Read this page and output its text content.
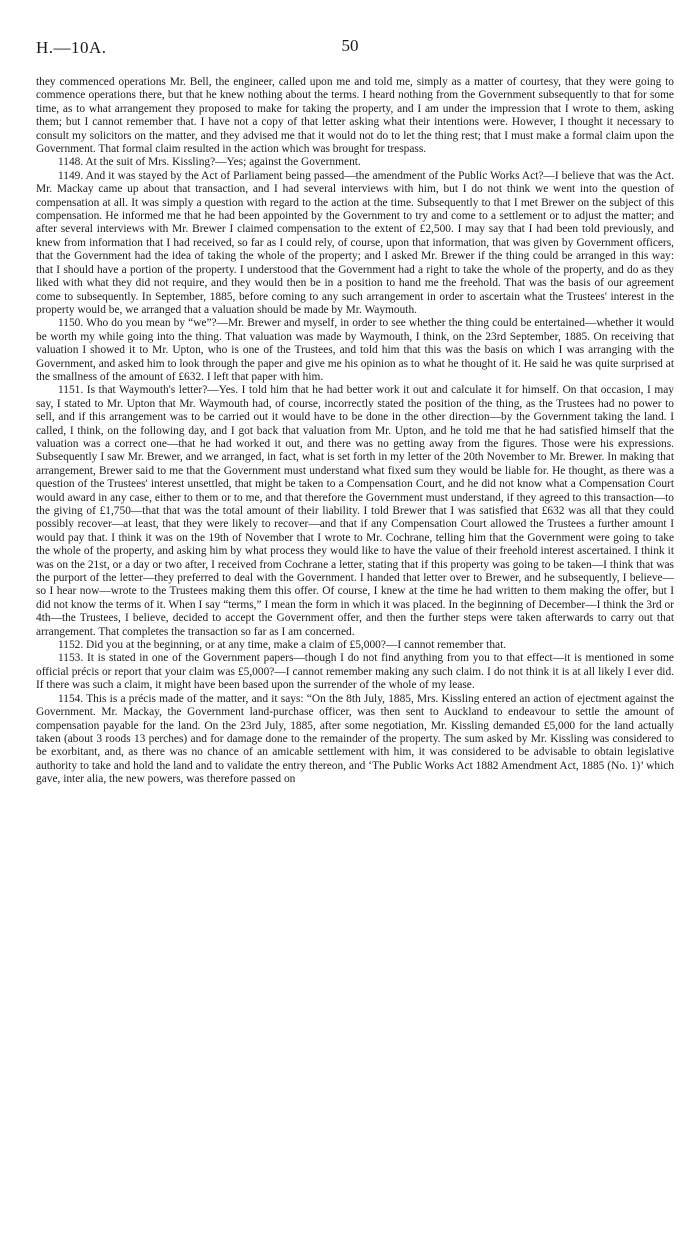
H.—10A.	50

they commenced operations Mr. Bell, the engineer, called upon me and told me, simply as a matter of courtesy, that they were going to commence operations there, but that he knew nothing about the terms. I heard nothing from the Government subsequently to that for some time, as to what arrangement they proposed to make for taking the property, and I am under the impression that I wrote to them, asking them; but I cannot remember that. I have not a copy of that letter asking what their intentions were. However, I thought it necessary to consult my solicitors on the matter, and they advised me that it would not do to let the thing rest; that I must make a formal claim upon the Government. That formal claim resulted in the action which was brought for trespass.

1148. At the suit of Mrs. Kissling?—Yes; against the Government.

1149. And it was stayed by the Act of Parliament being passed—the amendment of the Public Works Act?—I believe that was the Act. Mr. Mackay came up about that transaction, and I had several interviews with him, but I do not think we went into the question of compensation at all. It was simply a question with regard to the action at the time. Subsequently to that I met Brewer on the subject of this compensation. He informed me that he had been appointed by the Government to try and come to a settlement or to adjust the matter; and after several interviews with Mr. Brewer I claimed compensation to the extent of £2,500. I may say that I had been told previously, and knew from information that I had received, so far as I could rely, of course, upon that information, that was given by Government officers, that the Government had the idea of taking the whole of the property; and I asked Mr. Brewer if the thing could be arranged in this way: that I should have a portion of the property. I understood that the Government had a right to take the whole of the property, and do as they liked with what they did not require, and they would then be in a position to hand me the freehold. That was the basis of our agreement come to subsequently. In September, 1885, before coming to any such arrangement in order to ascertain what the Trustees' interest in the property would be, we arranged that a valuation should be made by Mr. Waymouth.

1150. Who do you mean by “we”?—Mr. Brewer and myself, in order to see whether the thing could be entertained—whether it would be worth my while going into the thing. That valuation was made by Waymouth, I think, on the 23rd September, 1885. On receiving that valuation I showed it to Mr. Upton, who is one of the Trustees, and told him that this was the basis on which I was arranging with the Government, and asked him to look through the paper and give me his opinion as to what he thought of it. He said he was quite surprised at the smallness of the amount of £632. I left that paper with him.

1151. Is that Waymouth's letter?—Yes. I told him that he had better work it out and calculate it for himself. On that occasion, I may say, I stated to Mr. Upton that Mr. Waymouth had, of course, incorrectly stated the position of the thing, as the Trustees had no power to sell, and if this arrangement was to be carried out it would have to be done in the other direction—by the Government taking the land. I called, I think, on the following day, and I got back that valuation from Mr. Upton, and he told me that he had satisfied himself that the valuation was a correct one—that he had worked it out, and there was no getting away from the figures. Those were his expressions. Subsequently I saw Mr. Brewer, and we arranged, in fact, what is set forth in my letter of the 20th November to Mr. Brewer. In making that arrangement, Brewer said to me that the Government must understand what fixed sum they would be liable for. He thought, as there was a question of the Trustees' interest unsettled, that might be taken to a Compensation Court, and he did not know what a Compensation Court would award in any case, either to them or to me, and that therefore the Government must understand, if they agreed to this transaction—to the giving of £1,750—that that was the total amount of their liability. I told Brewer that I was satisfied that £632 was all that they could possibly recover—at least, that they were likely to recover—and that if any Compensation Court allowed the Trustees a further amount I would pay that. I think it was on the 19th of November that I wrote to Mr. Cochrane, telling him that the Government were going to take the whole of the property, and asking him by what process they would like to have the value of their freehold interest ascertained. I think it was on the 21st, or a day or two after, I received from Cochrane a letter, stating that if this property was going to be taken—I think that was the purport of the letter—they preferred to deal with the Government. I handed that letter over to Brewer, and he subsequently, I believe—so I hear now—wrote to the Trustees making them this offer. Of course, I knew at the time he had written to them making the offer, but I did not know the terms of it. When I say “terms,” I mean the form in which it was placed. In the beginning of December—I think the 3rd or 4th—the Trustees, I believe, decided to accept the Government offer, and then the further steps were taken afterwards to carry out that arrangement. That completes the transaction so far as I am concerned.

1152. Did you at the beginning, or at any time, make a claim of £5,000?—I cannot remember that.

1153. It is stated in one of the Government papers—though I do not find anything from you to that effect—it is mentioned in some official précis or report that your claim was £5,000?—I cannot remember making any such claim. I do not think it is at all likely I ever did. If there was such a claim, it might have been based upon the surrender of the whole of my lease.

1154. This is a précis made of the matter, and it says: “On the 8th July, 1885, Mrs. Kissling entered an action of ejectment against the Government. Mr. Mackay, the Government land-purchase officer, was then sent to Auckland to endeavour to settle the amount of compensation payable for the land. On the 23rd July, 1885, after some negotiation, Mr. Kissling demanded £5,000 for the land actually taken (about 3 roods 13 perches) and for damage done to the remainder of the property. The sum asked by Mr. Kissling was considered to be exorbitant, and, as there was no chance of an amicable settlement with him, it was considered to be advisable to obtain legislative authority to take and hold the land and to validate the entry thereon, and ‘The Public Works Act 1882 Amendment Act, 1885 (No. 1)’ which gave, inter alia, the new powers, was therefore passed on
